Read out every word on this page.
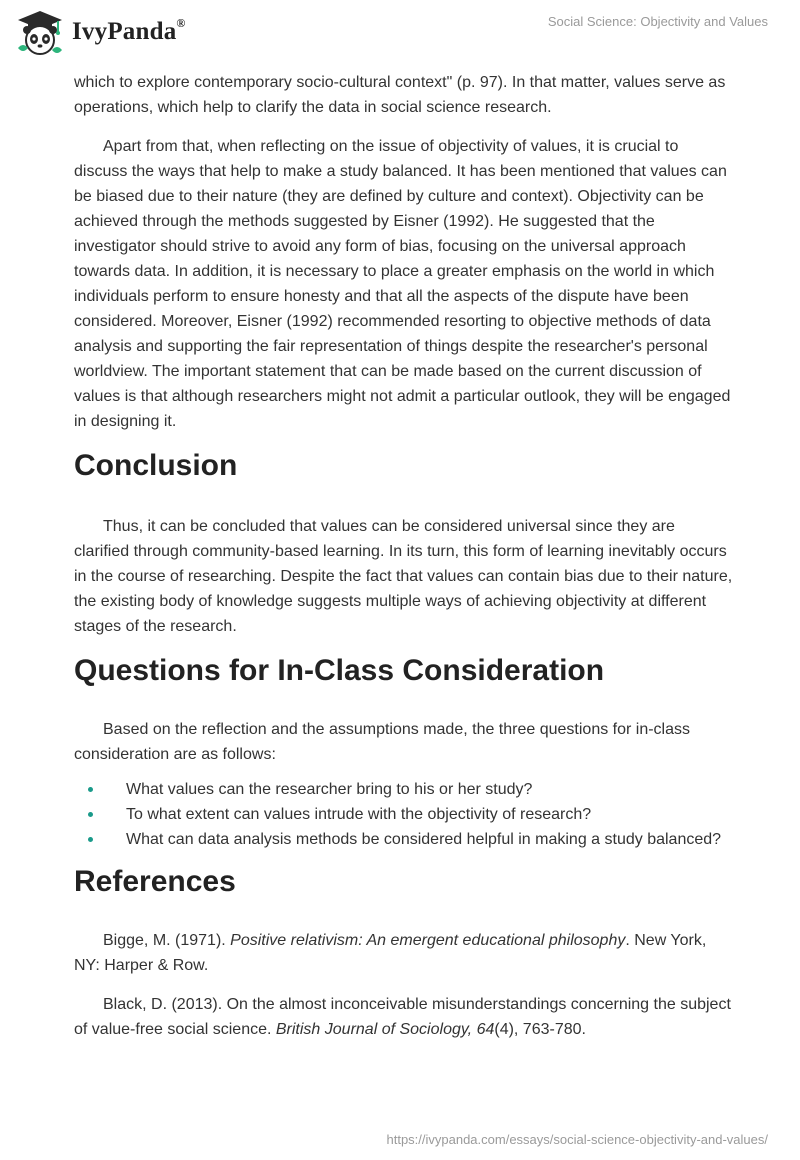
IvyPanda®	Social Science: Objectivity and Values

which to explore contemporary socio-cultural context" (p. 97). In that matter, values serve as operations, which help to clarify the data in social science research.

Apart from that, when reflecting on the issue of objectivity of values, it is crucial to discuss the ways that help to make a study balanced. It has been mentioned that values can be biased due to their nature (they are defined by culture and context). Objectivity can be achieved through the methods suggested by Eisner (1992). He suggested that the investigator should strive to avoid any form of bias, focusing on the universal approach towards data. In addition, it is necessary to place a greater emphasis on the world in which individuals perform to ensure honesty and that all the aspects of the dispute have been considered. Moreover, Eisner (1992) recommended resorting to objective methods of data analysis and supporting the fair representation of things despite the researcher's personal worldview. The important statement that can be made based on the current discussion of values is that although researchers might not admit a particular outlook, they will be engaged in designing it.

Conclusion

Thus, it can be concluded that values can be considered universal since they are clarified through community-based learning. In its turn, this form of learning inevitably occurs in the course of researching. Despite the fact that values can contain bias due to their nature, the existing body of knowledge suggests multiple ways of achieving objectivity at different stages of the research.

Questions for In-Class Consideration

Based on the reflection and the assumptions made, the three questions for in-class consideration are as follows:

What values can the researcher bring to his or her study?
To what extent can values intrude with the objectivity of research?
What can data analysis methods be considered helpful in making a study balanced?
References

Bigge, M. (1971). Positive relativism: An emergent educational philosophy. New York, NY: Harper & Row.

Black, D. (2013). On the almost inconceivable misunderstandings concerning the subject of value-free social science. British Journal of Sociology, 64(4), 763-780.

https://ivypanda.com/essays/social-science-objectivity-and-values/
